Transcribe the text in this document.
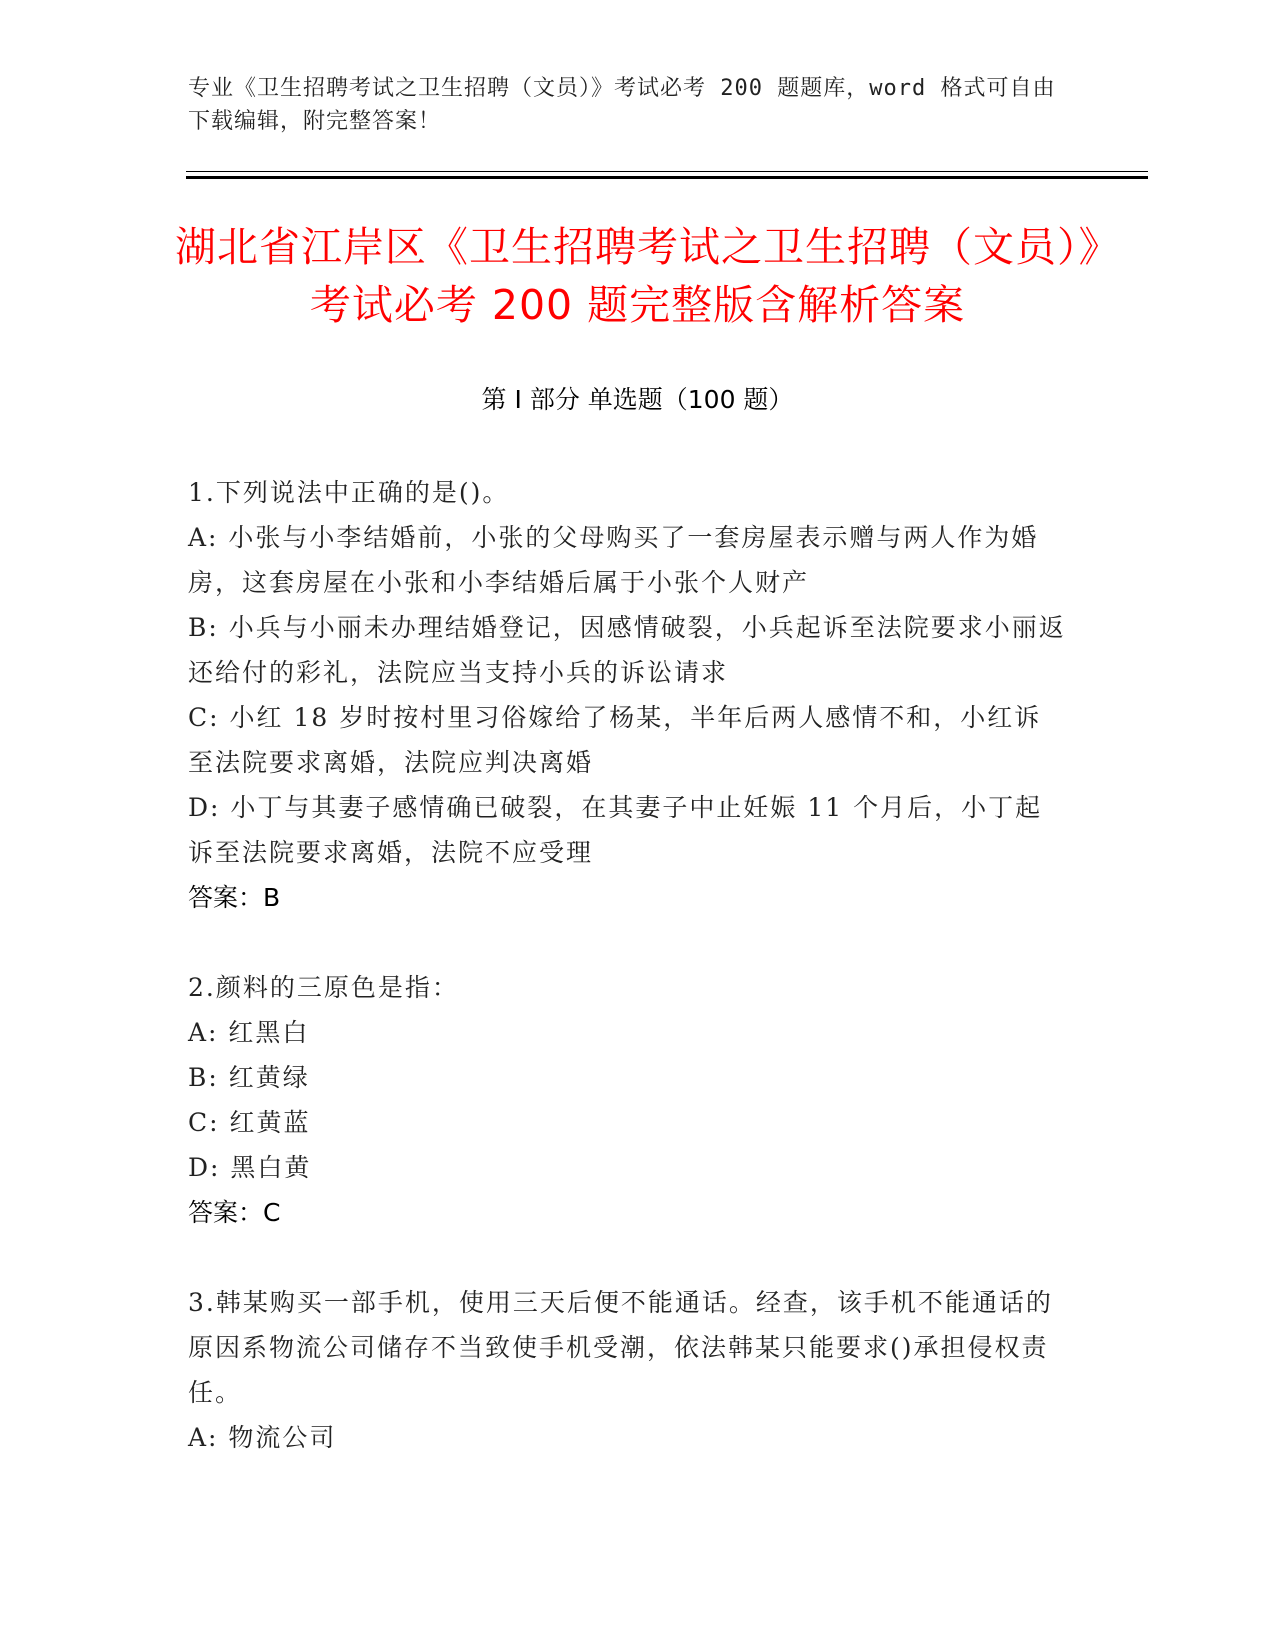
专业《卫生招聘考试之卫生招聘（文员）》考试必考 200 题题库，word 格式可自由下载编辑，附完整答案！
湖北省江岸区《卫生招聘考试之卫生招聘（文员）》考试必考 200 题完整版含解析答案
第 I 部分 单选题（100 题）
1.下列说法中正确的是()。
A: 小张与小李结婚前，小张的父母购买了一套房屋表示赠与两人作为婚房，这套房屋在小张和小李结婚后属于小张个人财产
B: 小兵与小丽未办理结婚登记，因感情破裂，小兵起诉至法院要求小丽返还给付的彩礼，法院应当支持小兵的诉讼请求
C: 小红 18 岁时按村里习俗嫁给了杨某，半年后两人感情不和，小红诉至法院要求离婚，法院应判决离婚
D: 小丁与其妻子感情确已破裂，在其妻子中止妊娠 11 个月后，小丁起诉至法院要求离婚，法院不应受理
答案：B
2.颜料的三原色是指：
A: 红黑白
B: 红黄绿
C: 红黄蓝
D: 黑白黄
答案：C
3.韩某购买一部手机，使用三天后便不能通话。经查，该手机不能通话的原因系物流公司储存不当致使手机受潮，依法韩某只能要求()承担侵权责任。
A: 物流公司
